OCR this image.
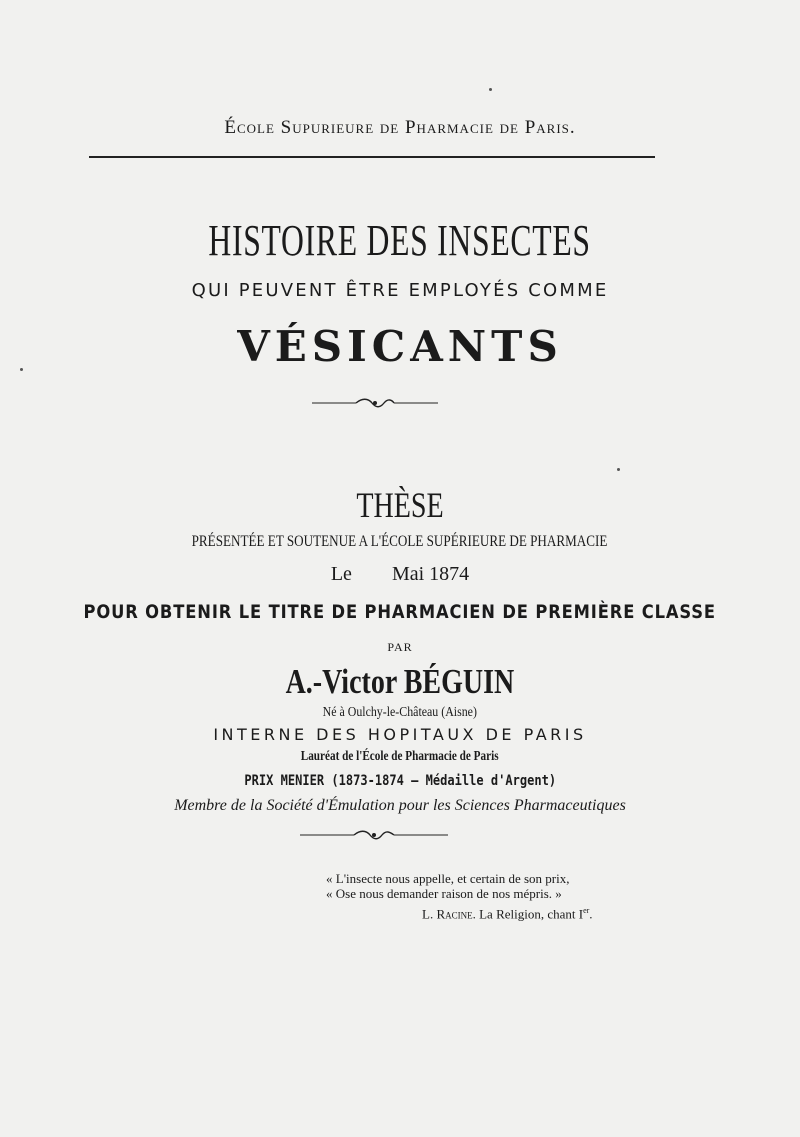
École Supurieure de Pharmacie de Paris.
HISTOIRE DES INSECTES
QUI PEUVENT ÊTRE EMPLOYÉS COMME
VÉSICANTS
THÈSE
PRÉSENTÉE ET SOUTENUE A L'ÉCOLE SUPÉRIEURE DE PHARMACIE
Le Mai 1874
POUR OBTENIR LE TITRE DE PHARMACIEN DE PREMIÈRE CLASSE
PAR
A.-Victor BÉGUIN
Né à Oulchy-le-Château (Aisne)
INTERNE DES HOPITAUX DE PARIS
Lauréat de l'École de Pharmacie de Paris
PRIX MENIER (1873-1874 — Médaille d'Argent)
Membre de la Société d'Émulation pour les Sciences Pharmaceutiques
« L'insecte nous appelle, et certain de son prix,
« Ose nous demander raison de nos mépris. »
L. Racine. La Religion, chant Ier.
